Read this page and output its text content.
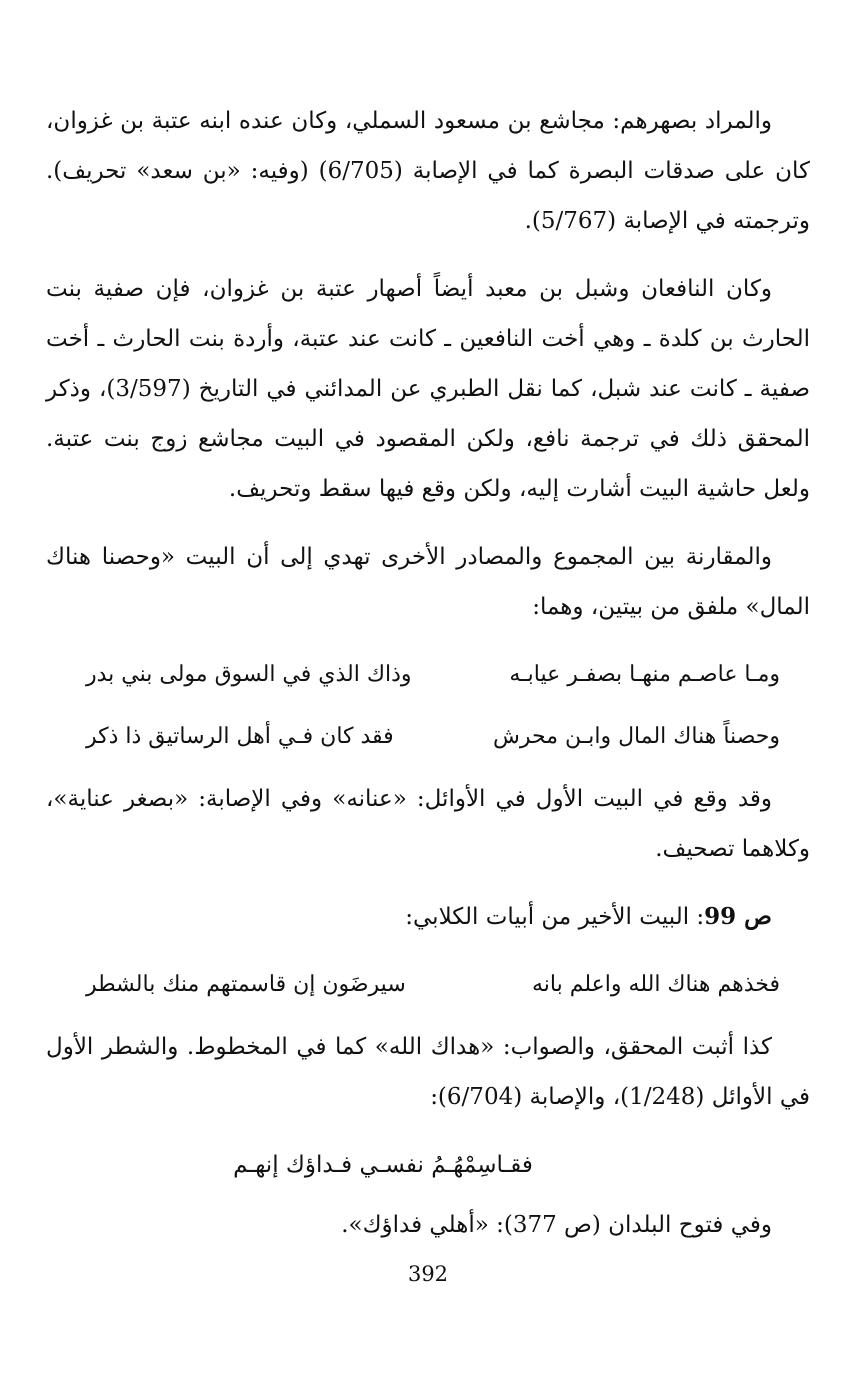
والمراد بصهرهم: مجاشع بن مسعود السملي، وكان عنده ابنه عتبة بن غزوان، كان على صدقات البصرة كما في الإصابة (6/705) (وفيه: «بن سعد» تحريف). وترجمته في الإصابة (5/767).

وكان النافعان وشبل بن معبد أيضاً أصهار عتبة بن غزوان، فإن صفية بنت الحارث بن كلدة ـ وهي أخت النافعين ـ كانت عند عتبة، وأردة بنت الحارث ـ أخت صفية ـ كانت عند شبل، كما نقل الطبري عن المدائني في التاريخ (3/597)، وذكر المحقق ذلك في ترجمة نافع، ولكن المقصود في البيت مجاشع زوج بنت عتبة. ولعل حاشية البيت أشارت إليه، ولكن وقع فيها سقط وتحريف.

والمقارنة بين المجموع والمصادر الأخرى تهدي إلى أن البيت «وحصنا هناك المال» ملفق من بيتين، وهما:

ومـا عاصـم منهـا بصفـر عيابـه
وذاك الذي في السوق مولى بني بدر
وحصناً هناك المال وابـن محرش
فقد كان فـي أهل الرساتيق ذا ذكر

وقد وقع في البيت الأول في الأوائل: «عنانه» وفي الإصابة: «بصغر عناية»، وكلاهما تصحيف.

ص 99: البيت الأخير من أبيات الكلابي:

فخذهم هناك الله واعلم بانه
سيرضَون إن قاسمتهم منك بالشطر

كذا أثبت المحقق، والصواب: «هداك الله» كما في المخطوط. والشطر الأول في الأوائل (1/248)، والإصابة (6/704):

فقـاسِمْهُـمُ نفسـي فـداؤك إنهـم

وفي فتوح البلدان (ص 377): «أهلي فداؤك».

392
